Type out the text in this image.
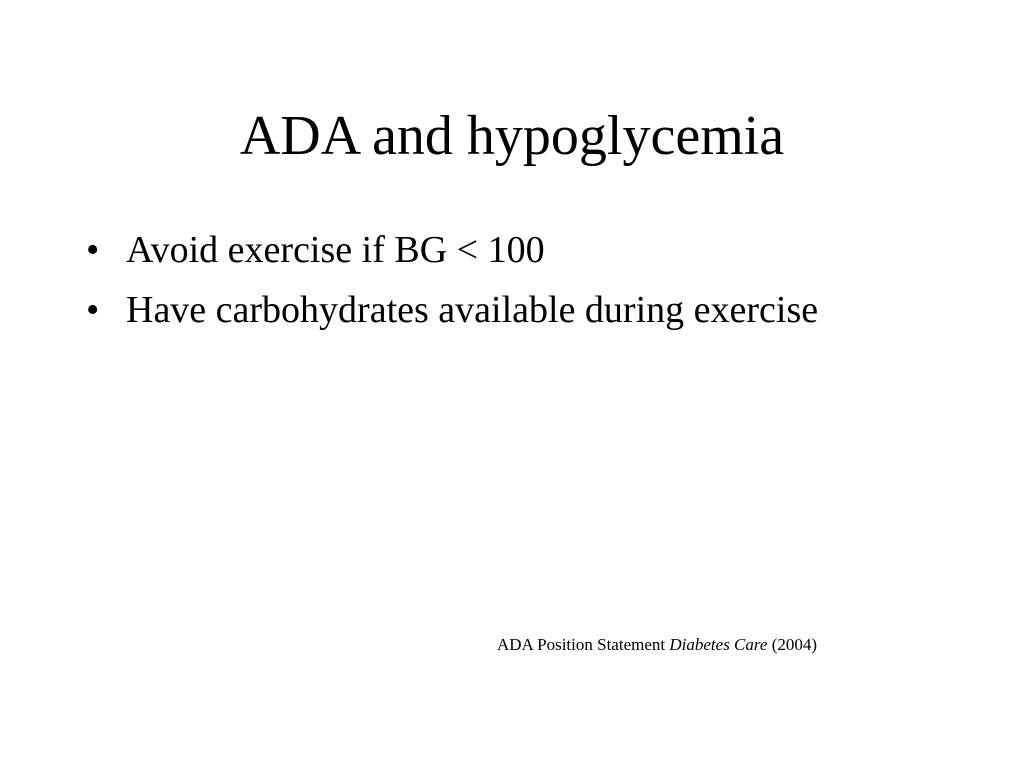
ADA and hypoglycemia
• Avoid exercise if BG < 100
• Have carbohydrates available during exercise
ADA Position Statement Diabetes Care (2004)
